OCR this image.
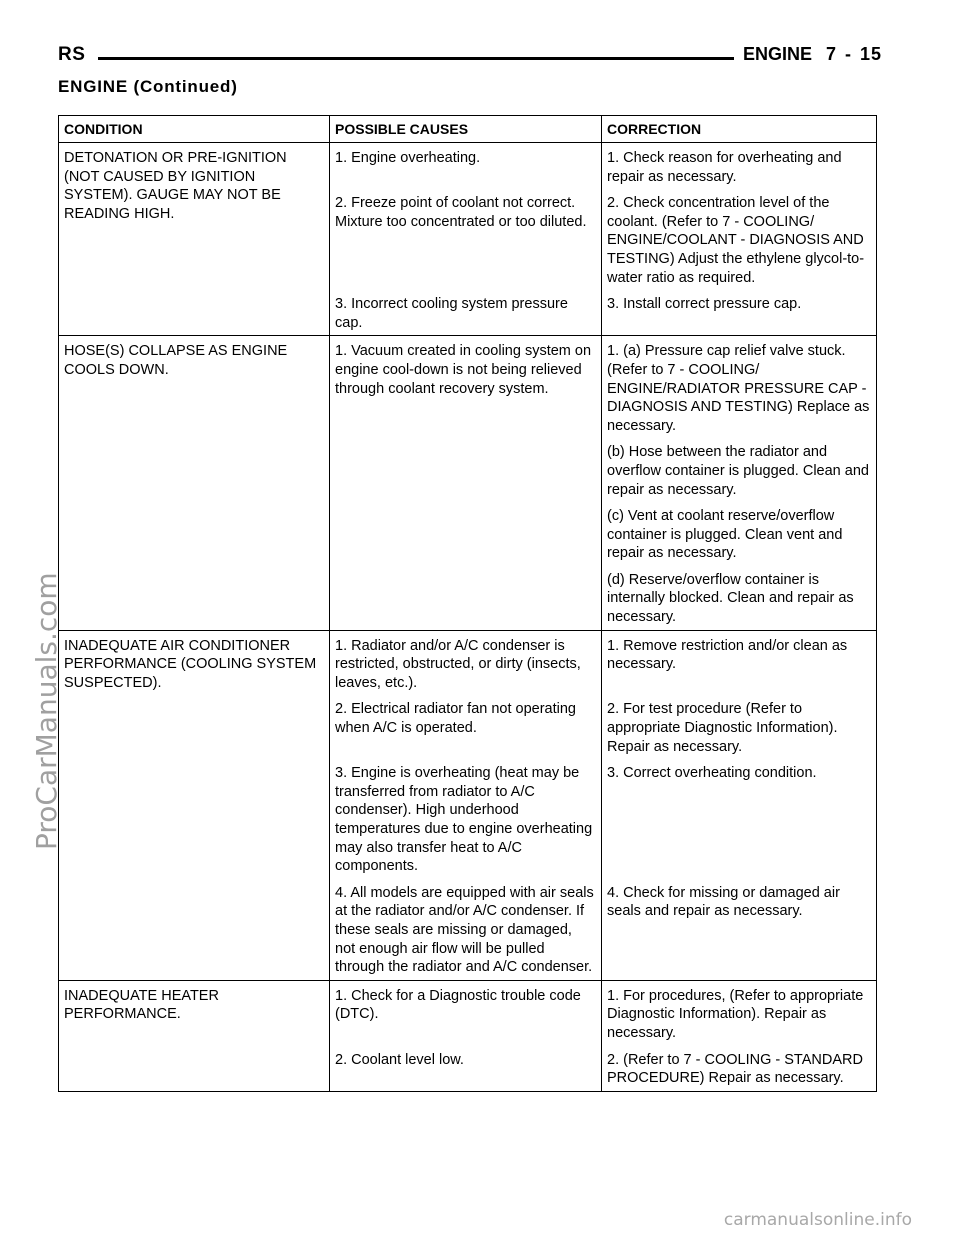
RS	ENGINE 7 - 15
ENGINE (Continued)
CONDITION	POSSIBLE CAUSES	CORRECTION
DETONATION OR PRE-IGNITION (NOT CAUSED BY IGNITION SYSTEM). GAUGE MAY NOT BE READING HIGH.	1. Engine overheating.	1. Check reason for overheating and repair as necessary.
	2. Freeze point of coolant not correct. Mixture too concentrated or too diluted.	2. Check concentration level of the coolant. (Refer to 7 - COOLING/ ENGINE/COOLANT - DIAGNOSIS AND TESTING) Adjust the ethylene glycol-to-water ratio as required.
	3. Incorrect cooling system pressure cap.	3. Install correct pressure cap.
HOSE(S) COLLAPSE AS ENGINE COOLS DOWN.	1. Vacuum created in cooling system on engine cool-down is not being relieved through coolant recovery system.	1. (a) Pressure cap relief valve stuck. (Refer to 7 - COOLING/ ENGINE/RADIATOR PRESSURE CAP - DIAGNOSIS AND TESTING) Replace as necessary.
		(b) Hose between the radiator and overflow container is plugged. Clean and repair as necessary.
		(c) Vent at coolant reserve/overflow container is plugged. Clean vent and repair as necessary.
		(d) Reserve/overflow container is internally blocked. Clean and repair as necessary.
INADEQUATE AIR CONDITIONER PERFORMANCE (COOLING SYSTEM SUSPECTED).	1. Radiator and/or A/C condenser is restricted, obstructed, or dirty (insects, leaves, etc.).	1. Remove restriction and/or clean as necessary.
	2. Electrical radiator fan not operating when A/C is operated.	2. For test procedure (Refer to appropriate Diagnostic Information). Repair as necessary.
	3. Engine is overheating (heat may be transferred from radiator to A/C condenser). High underhood temperatures due to engine overheating may also transfer heat to A/C components.	3. Correct overheating condition.
	4. All models are equipped with air seals at the radiator and/or A/C condenser. If these seals are missing or damaged, not enough air flow will be pulled through the radiator and A/C condenser.	4. Check for missing or damaged air seals and repair as necessary.
INADEQUATE HEATER PERFORMANCE.	1. Check for a Diagnostic trouble code (DTC).	1. For procedures, (Refer to appropriate Diagnostic Information). Repair as necessary.
	2. Coolant level low.	2. (Refer to 7 - COOLING - STANDARD PROCEDURE) Repair as necessary.
ProCarManuals.com
carmanualsonline.info
